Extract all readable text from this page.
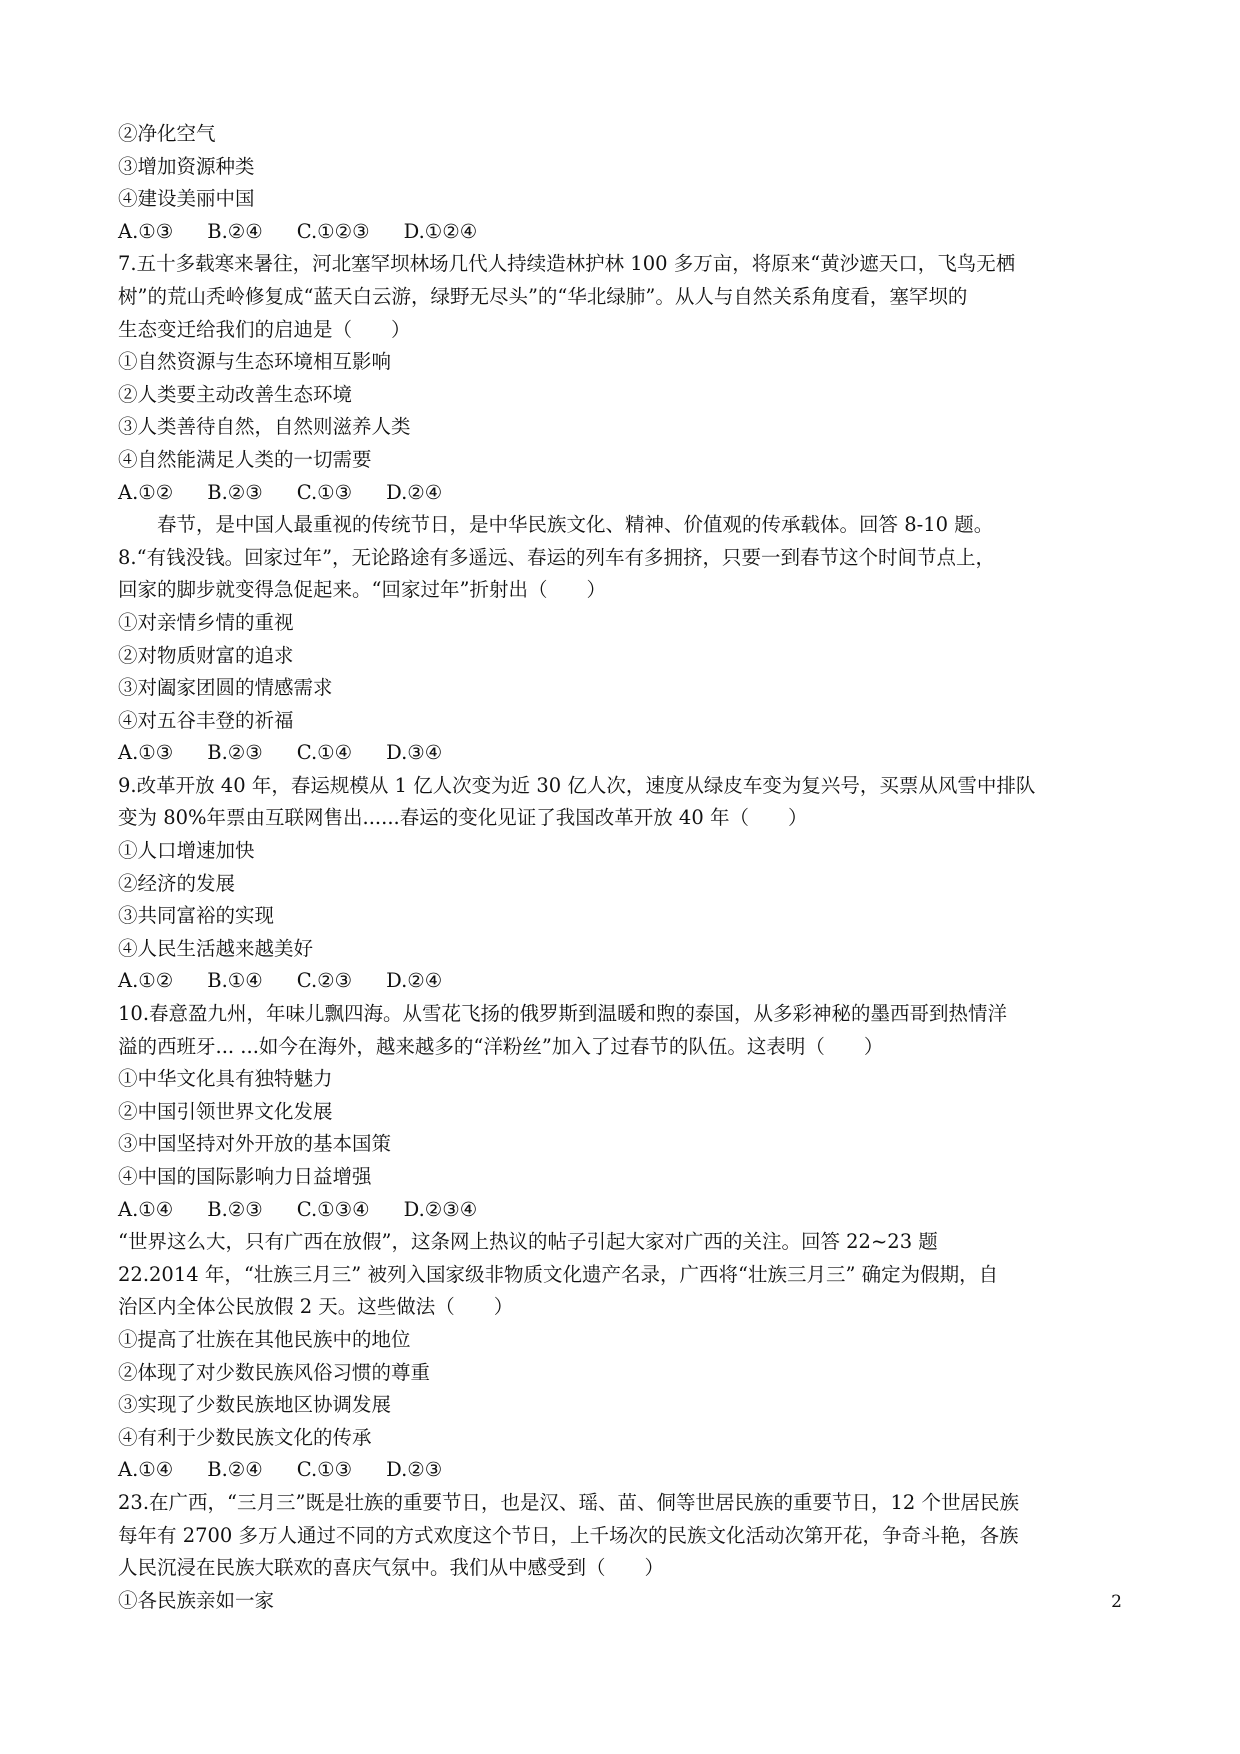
②净化空气
③增加资源种类
④建设美丽中国
A.①③ B.②④ C.①②③ D.①②④
7.五十多载寒来暑往，河北塞罕坝林场几代人持续造林护林 100 多万亩，将原来“黄沙遮天口，飞鸟无栖
树”的荒山秃岭修复成“蓝天白云游，绿野无尽头”的“华北绿肺”。从人与自然关系角度看，塞罕坝的
生态变迁给我们的启迪是（　　）
①自然资源与生态环境相互影响
②人类要主动改善生态环境
③人类善待自然，自然则滋养人类
④自然能满足人类的一切需要
A.①② B.②③ C.①③ D.②④
春节，是中国人最重视的传统节日，是中华民族文化、精神、价值观的传承载体。回答 8-10 题。
8.“有钱没钱。回家过年”，无论路途有多遥远、春运的列车有多拥挤，只要一到春节这个时间节点上，
回家的脚步就变得急促起来。“回家过年”折射出（　　）
①对亲情乡情的重视
②对物质财富的追求
③对阖家团圆的情感需求
④对五谷丰登的祈福
A.①③ B.②③ C.①④ D.③④
9.改革开放 40 年，春运规模从 1 亿人次变为近 30 亿人次，速度从绿皮车变为复兴号，买票从风雪中排队
变为 80%年票由互联网售出......春运的变化见证了我国改革开放 40 年（　　）
①人口增速加快
②经济的发展
③共同富裕的实现
④人民生活越来越美好
A.①② B.①④ C.②③ D.②④
10.春意盈九州，年味儿飘四海。从雪花飞扬的俄罗斯到温暖和煦的泰国，从多彩神秘的墨西哥到热情洋
溢的西班牙... ...如今在海外，越来越多的“洋粉丝”加入了过春节的队伍。这表明（　　）
①中华文化具有独特魅力
②中国引领世界文化发展
③中国坚持对外开放的基本国策
④中国的国际影响力日益增强
A.①④ B.②③ C.①③④ D.②③④
“世界这么大，只有广西在放假”，这条网上热议的帖子引起大家对广西的关注。回答 22~23 题
22.2014 年，“壮族三月三” 被列入国家级非物质文化遗产名录，广西将“壮族三月三” 确定为假期，自
治区内全体公民放假 2 天。这些做法（　　）
①提高了壮族在其他民族中的地位
②体现了对少数民族风俗习惯的尊重
③实现了少数民族地区协调发展
④有利于少数民族文化的传承
A.①④ B.②④ C.①③ D.②③
23.在广西，“三月三”既是壮族的重要节日，也是汉、瑶、苗、侗等世居民族的重要节日，12 个世居民族
每年有 2700 多万人通过不同的方式欢度这个节日，上千场次的民族文化活动次第开花，争奇斗艳，各族
人民沉浸在民族大联欢的喜庆气氛中。我们从中感受到（　　）
①各民族亲如一家	2
